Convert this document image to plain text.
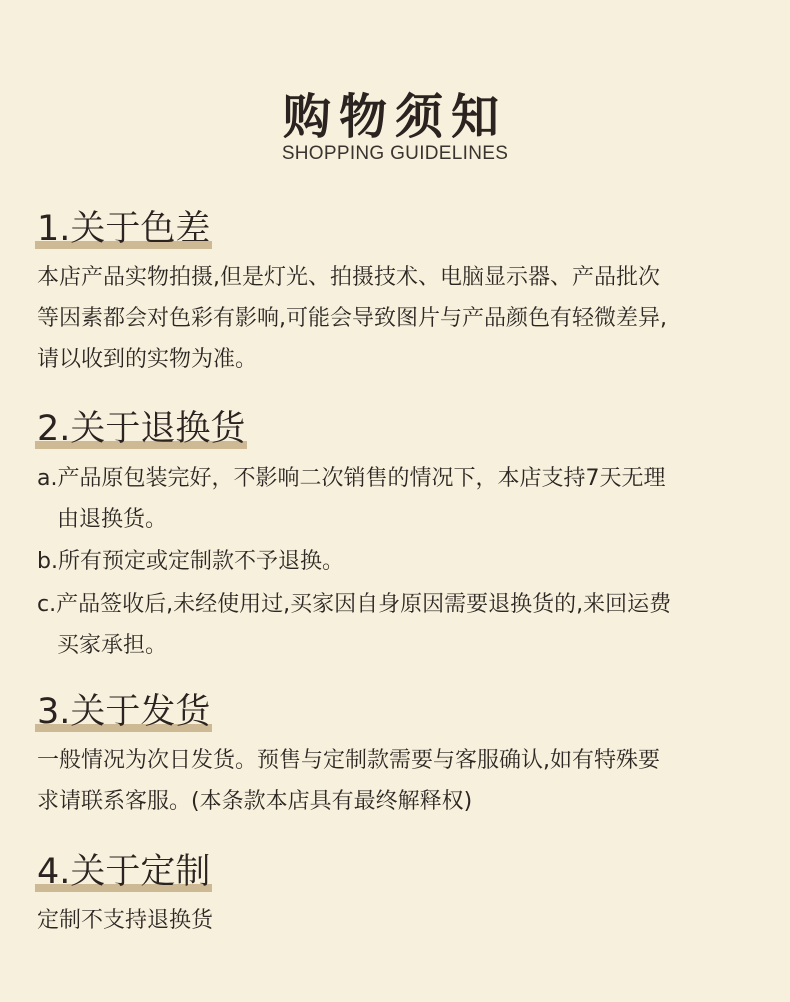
购物须知
SHOPPING GUIDELINES
1.关于色差
本店产品实物拍摄,但是灯光、拍摄技术、电脑显示器、产品批次
等因素都会对色彩有影响,可能会导致图片与产品颜色有轻微差异,
请以收到的实物为准。
2.关于退换货
a.产品原包装完好，不影响二次销售的情况下，本店支持7天无理
由退换货。
b.所有预定或定制款不予退换。
c.产品签收后,未经使用过,买家因自身原因需要退换货的,来回运费
买家承担。
3.关于发货
一般情况为次日发货。预售与定制款需要与客服确认,如有特殊要
求请联系客服。(本条款本店具有最终解释权)
4.关于定制
定制不支持退换货
